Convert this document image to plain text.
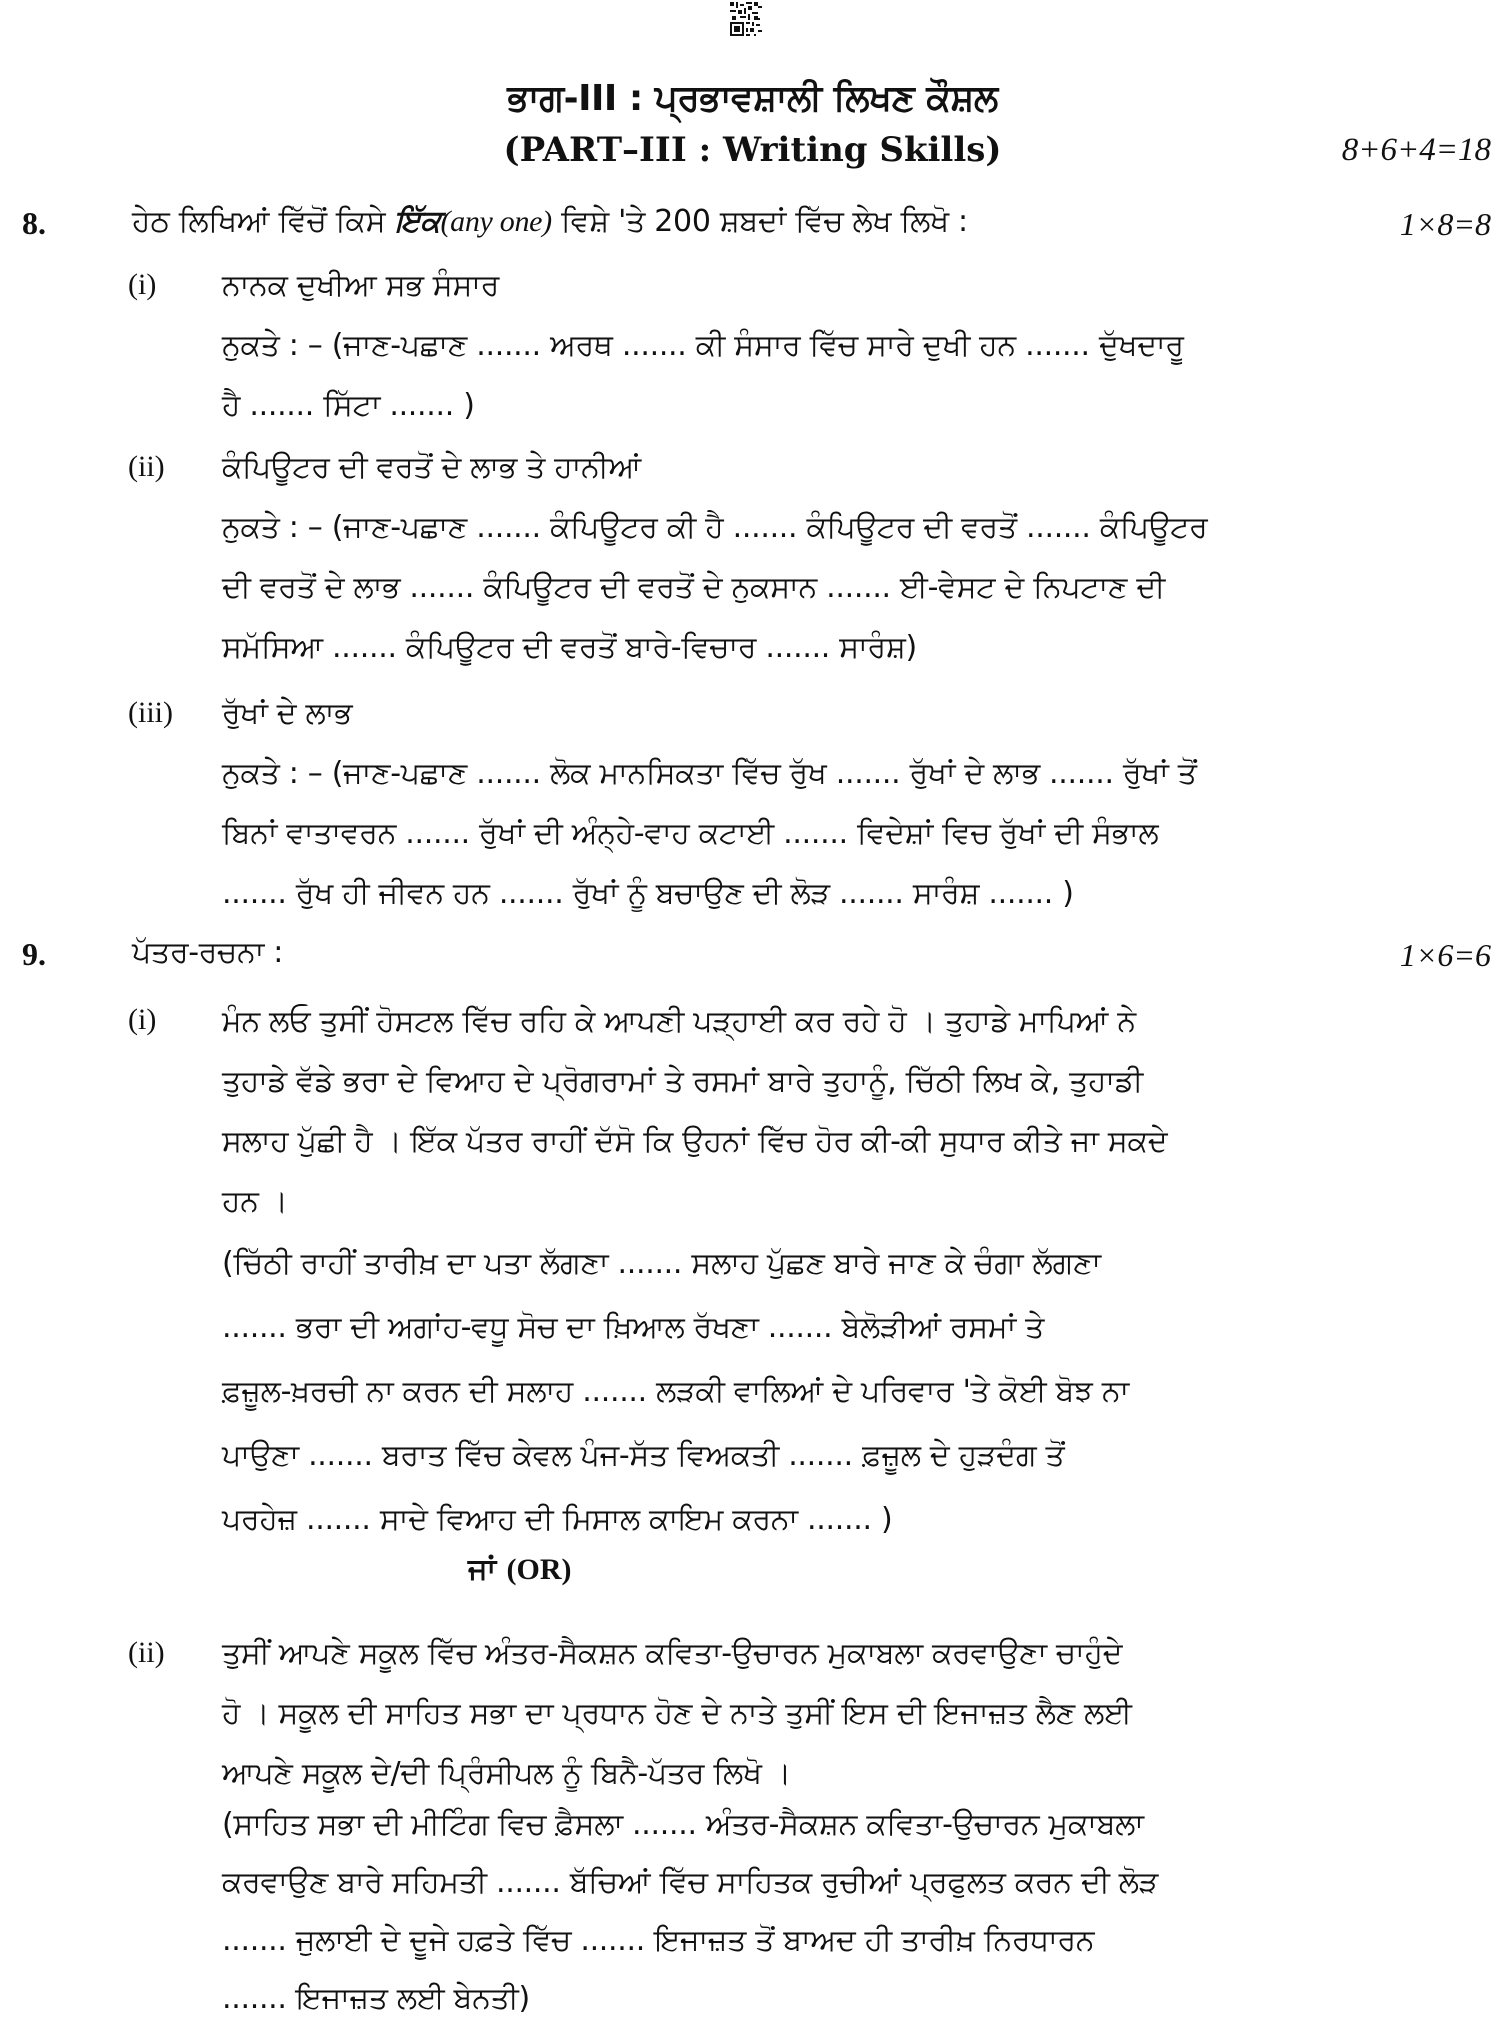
ਭਾਗ-III : ਪ੍ਰਭਾਵਸ਼ਾਲੀ ਲਿਖਣ ਕੌਸ਼ਲ
(PART–III : Writing Skills)	8+6+4=18
8.	ਹੇਠ ਲਿਖਿਆਂ ਵਿੱਚੋਂ ਕਿਸੇ ਇੱਕ(any one) ਵਿਸ਼ੇ 'ਤੇ 200 ਸ਼ਬਦਾਂ ਵਿੱਚ ਲੇਖ ਲਿਖੋ :	1×8=8
(i) ਨਾਨਕ ਦੁਖੀਆ ਸਭ ਸੰਸਾਰ
ਨੁਕਤੇ : – (ਜਾਣ-ਪਛਾਣ ....... ਅਰਥ ....... ਕੀ ਸੰਸਾਰ ਵਿੱਚ ਸਾਰੇ ਦੁਖੀ ਹਨ ....... ਦੁੱਖਦਾਰੂ
ਹੈ ....... ਸਿੱਟਾ ....... )
(ii) ਕੰਪਿਊਟਰ ਦੀ ਵਰਤੋਂ ਦੇ ਲਾਭ ਤੇ ਹਾਨੀਆਂ
ਨੁਕਤੇ : – (ਜਾਣ-ਪਛਾਣ ....... ਕੰਪਿਊਟਰ ਕੀ ਹੈ ....... ਕੰਪਿਊਟਰ ਦੀ ਵਰਤੋਂ ....... ਕੰਪਿਊਟਰ
ਦੀ ਵਰਤੋਂ ਦੇ ਲਾਭ ....... ਕੰਪਿਊਟਰ ਦੀ ਵਰਤੋਂ ਦੇ ਨੁਕਸਾਨ ....... ਈ-ਵੇਸਟ ਦੇ ਨਿਪਟਾਣ ਦੀ
ਸਮੱਸਿਆ ....... ਕੰਪਿਊਟਰ ਦੀ ਵਰਤੋਂ ਬਾਰੇ-ਵਿਚਾਰ ....... ਸਾਰੰਸ਼)
(iii) ਰੁੱਖਾਂ ਦੇ ਲਾਭ
ਨੁਕਤੇ : – (ਜਾਣ-ਪਛਾਣ ....... ਲੋਕ ਮਾਨਸਿਕਤਾ ਵਿੱਚ ਰੁੱਖ ....... ਰੁੱਖਾਂ ਦੇ ਲਾਭ ....... ਰੁੱਖਾਂ ਤੋਂ
ਬਿਨਾਂ ਵਾਤਾਵਰਨ ....... ਰੁੱਖਾਂ ਦੀ ਅੰਨ੍ਹੇ-ਵਾਹ ਕਟਾਈ ....... ਵਿਦੇਸ਼ਾਂ ਵਿਚ ਰੁੱਖਾਂ ਦੀ ਸੰਭਾਲ
....... ਰੁੱਖ ਹੀ ਜੀਵਨ ਹਨ ....... ਰੁੱਖਾਂ ਨੂੰ ਬਚਾਉਣ ਦੀ ਲੋੜ ....... ਸਾਰੰਸ਼ ....... )
9.	ਪੱਤਰ-ਰਚਨਾ :	1×6=6
(i) ਮੰਨ ਲਓ ਤੁਸੀਂ ਹੋਸਟਲ ਵਿੱਚ ਰਹਿ ਕੇ ਆਪਣੀ ਪੜ੍ਹਾਈ ਕਰ ਰਹੇ ਹੋ । ਤੁਹਾਡੇ ਮਾਪਿਆਂ ਨੇ
ਤੁਹਾਡੇ ਵੱਡੇ ਭਰਾ ਦੇ ਵਿਆਹ ਦੇ ਪ੍ਰੋਗਰਾਮਾਂ ਤੇ ਰਸਮਾਂ ਬਾਰੇ ਤੁਹਾਨੂੰ, ਚਿੱਠੀ ਲਿਖ ਕੇ, ਤੁਹਾਡੀ
ਸਲਾਹ ਪੁੱਛੀ ਹੈ । ਇੱਕ ਪੱਤਰ ਰਾਹੀਂ ਦੱਸੋ ਕਿ ਉਹਨਾਂ ਵਿੱਚ ਹੋਰ ਕੀ-ਕੀ ਸੁਧਾਰ ਕੀਤੇ ਜਾ ਸਕਦੇ
ਹਨ ।
(ਚਿੱਠੀ ਰਾਹੀਂ ਤਾਰੀਖ਼ ਦਾ ਪਤਾ ਲੱਗਣਾ ....... ਸਲਾਹ ਪੁੱਛਣ ਬਾਰੇ ਜਾਣ ਕੇ ਚੰਗਾ ਲੱਗਣਾ
....... ਭਰਾ ਦੀ ਅਗਾਂਹ-ਵਧੂ ਸੋਚ ਦਾ ਖ਼ਿਆਲ ਰੱਖਣਾ ....... ਬੇਲੋੜੀਆਂ ਰਸਮਾਂ ਤੇ
ਫ਼ਜ਼ੂਲ-ਖ਼ਰਚੀ ਨਾ ਕਰਨ ਦੀ ਸਲਾਹ ....... ਲੜਕੀ ਵਾਲਿਆਂ ਦੇ ਪਰਿਵਾਰ 'ਤੇ ਕੋਈ ਬੋਝ ਨਾ
ਪਾਉਣਾ ....... ਬਰਾਤ ਵਿੱਚ ਕੇਵਲ ਪੰਜ-ਸੱਤ ਵਿਅਕਤੀ ....... ਫ਼ਜ਼ੂਲ ਦੇ ਹੁੜਦੰਗ ਤੋਂ
ਪਰਹੇਜ਼ ....... ਸਾਦੇ ਵਿਆਹ ਦੀ ਮਿਸਾਲ ਕਾਇਮ ਕਰਨਾ ....... )
ਜਾਂ (OR)
(ii) ਤੁਸੀਂ ਆਪਣੇ ਸਕੂਲ ਵਿੱਚ ਅੰਤਰ-ਸੈਕਸ਼ਨ ਕਵਿਤਾ-ਉਚਾਰਨ ਮੁਕਾਬਲਾ ਕਰਵਾਉਣਾ ਚਾਹੁੰਦੇ
ਹੋ । ਸਕੂਲ ਦੀ ਸਾਹਿਤ ਸਭਾ ਦਾ ਪ੍ਰਧਾਨ ਹੋਣ ਦੇ ਨਾਤੇ ਤੁਸੀਂ ਇਸ ਦੀ ਇਜਾਜ਼ਤ ਲੈਣ ਲਈ
ਆਪਣੇ ਸਕੂਲ ਦੇ/ਦੀ ਪ੍ਰਿੰਸੀਪਲ ਨੂੰ ਬਿਨੈ-ਪੱਤਰ ਲਿਖੋ ।
(ਸਾਹਿਤ ਸਭਾ ਦੀ ਮੀਟਿੰਗ ਵਿਚ ਫ਼ੈਸਲਾ ....... ਅੰਤਰ-ਸੈਕਸ਼ਨ ਕਵਿਤਾ-ਉਚਾਰਨ ਮੁਕਾਬਲਾ
ਕਰਵਾਉਣ ਬਾਰੇ ਸਹਿਮਤੀ ....... ਬੱਚਿਆਂ ਵਿੱਚ ਸਾਹਿਤਕ ਰੁਚੀਆਂ ਪ੍ਰਫੁਲਤ ਕਰਨ ਦੀ ਲੋੜ
....... ਜੁਲਾਈ ਦੇ ਦੂਜੇ ਹਫ਼ਤੇ ਵਿੱਚ ....... ਇਜਾਜ਼ਤ ਤੋਂ ਬਾਅਦ ਹੀ ਤਾਰੀਖ਼ ਨਿਰਧਾਰਨ
....... ਇਜਾਜ਼ਤ ਲਈ ਬੇਨਤੀ)
